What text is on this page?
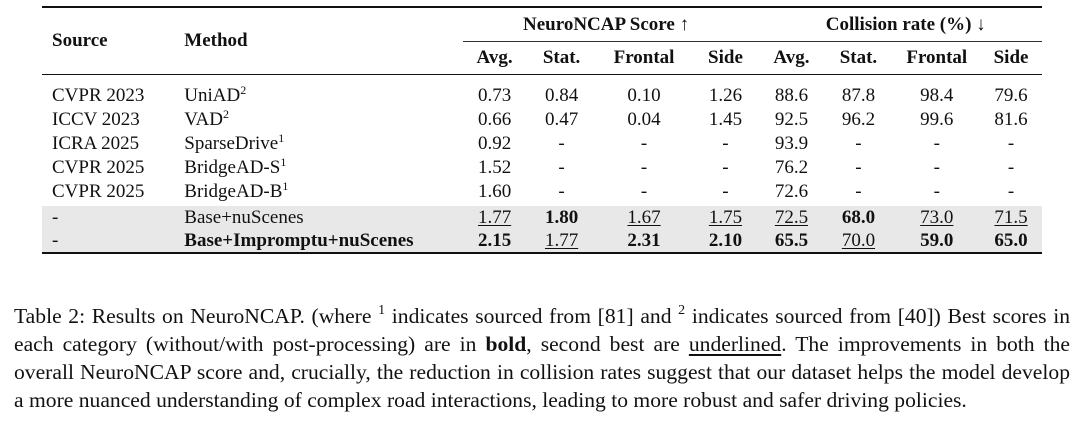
Source	Method	NeuroNCAP Score ↑				Collision rate (%) ↓			
		Avg.	Stat.	Frontal	Side	Avg.	Stat.	Frontal	Side
CVPR 2023	UniAD$^2$	0.73	0.84	0.10	1.26	88.6	87.8	98.4	79.6
ICCV 2023	VAD$^2$	0.66	0.47	0.04	1.45	92.5	96.2	99.6	81.6
ICRA 2025	SparseDrive$^1$	0.92	-	-	-	93.9	-	-	-
CVPR 2025	BridgeAD-$S^1$	1.52	-	-	-	76.2	-	-	-
CVPR 2025	BridgeAD-$B^1$	1.60	-	-	-	72.6	-	-	-
-	Base+nuScenes	1.77	1.80	1.67	1.75	72.5	68.0	73.0	71.5
-	Base+Impromptu+nuScenes	2.15	1.77	2.31	2.10	65.5	70.0	59.0	65.0

Table 2: Results on NeuroNCAP. (where $^1$ indicates sourced from [81] and $^2$ indicates sourced from [40]) Best scores in each category (without/with post-processing) are in bold, second best are underlined. The improvements in both the overall NeuroNCAP score and, crucially, the reduction in collision rates suggest that our dataset helps the model develop a more nuanced understanding of complex road interactions, leading to more robust and safer driving policies.
